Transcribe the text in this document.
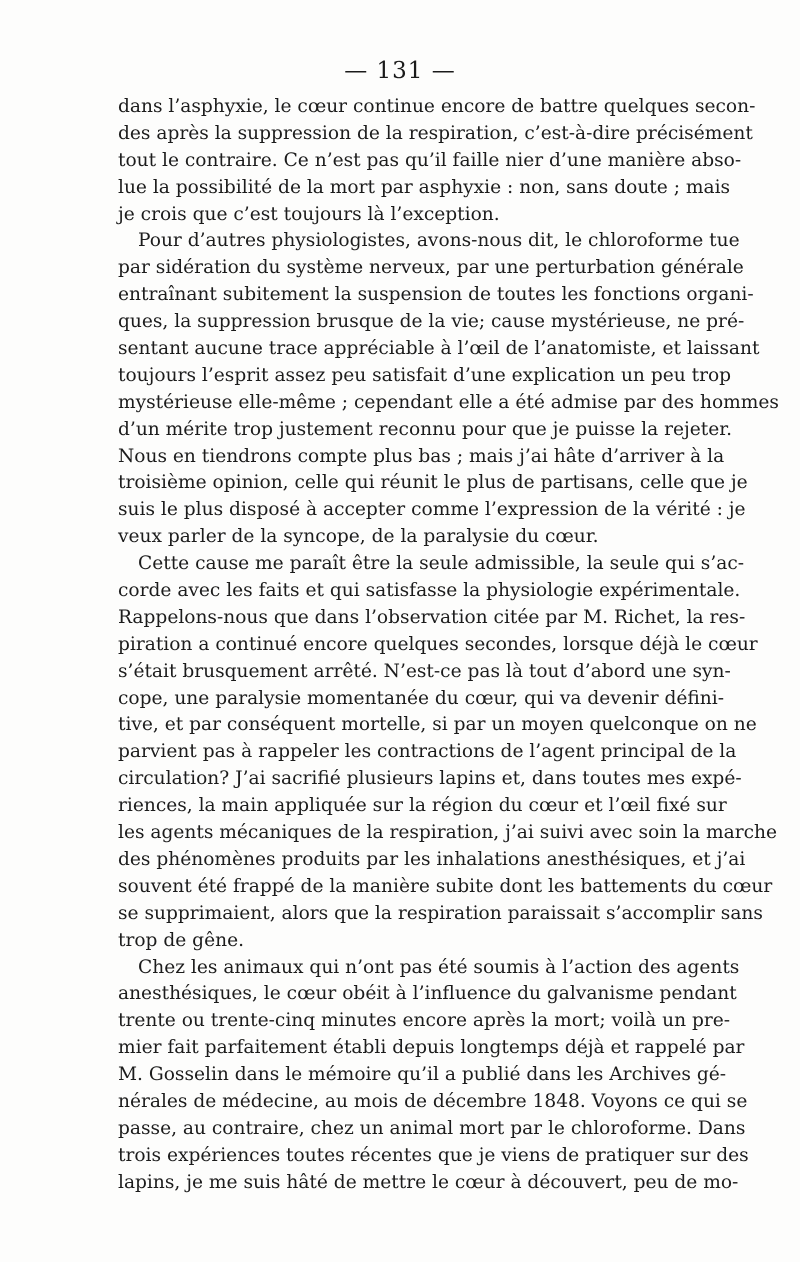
— 131 —
dans l’asphyxie, le cœur continue encore de battre quelques secon-
des après la suppression de la respiration, c’est-à-dire précisément
tout le contraire. Ce n’est pas qu’il faille nier d’une manière abso-
lue la possibilité de la mort par asphyxie : non, sans doute ; mais
je crois que c’est toujours là l’exception.
Pour d’autres physiologistes, avons-nous dit, le chloroforme tue
par sidération du système nerveux, par une perturbation générale
entraînant subitement la suspension de toutes les fonctions organi-
ques, la suppression brusque de la vie; cause mystérieuse, ne pré-
sentant aucune trace appréciable à l’œil de l’anatomiste, et laissant
toujours l’esprit assez peu satisfait d’une explication un peu trop
mystérieuse elle-même ; cependant elle a été admise par des hommes
d’un mérite trop justement reconnu pour que je puisse la rejeter.
Nous en tiendrons compte plus bas ; mais j’ai hâte d’arriver à la
troisième opinion, celle qui réunit le plus de partisans, celle que je
suis le plus disposé à accepter comme l’expression de la vérité : je
veux parler de la syncope, de la paralysie du cœur.
Cette cause me paraît être la seule admissible, la seule qui s’ac-
corde avec les faits et qui satisfasse la physiologie expérimentale.
Rappelons-nous que dans l’observation citée par M. Richet, la res-
piration a continué encore quelques secondes, lorsque déjà le cœur
s’était brusquement arrêté. N’est-ce pas là tout d’abord une syn-
cope, une paralysie momentanée du cœur, qui va devenir défini-
tive, et par conséquent mortelle, si par un moyen quelconque on ne
parvient pas à rappeler les contractions de l’agent principal de la
circulation? J’ai sacrifié plusieurs lapins et, dans toutes mes expé-
riences, la main appliquée sur la région du cœur et l’œil fixé sur
les agents mécaniques de la respiration, j’ai suivi avec soin la marche
des phénomènes produits par les inhalations anesthésiques, et j’ai
souvent été frappé de la manière subite dont les battements du cœur
se supprimaient, alors que la respiration paraissait s’accomplir sans
trop de gêne.
Chez les animaux qui n’ont pas été soumis à l’action des agents
anesthésiques, le cœur obéit à l’influence du galvanisme pendant
trente ou trente-cinq minutes encore après la mort; voilà un pre-
mier fait parfaitement établi depuis longtemps déjà et rappelé par
M. Gosselin dans le mémoire qu’il a publié dans les Archives gé-
nérales de médecine, au mois de décembre 1848. Voyons ce qui se
passe, au contraire, chez un animal mort par le chloroforme. Dans
trois expériences toutes récentes que je viens de pratiquer sur des
lapins, je me suis hâté de mettre le cœur à découvert, peu de mo-
